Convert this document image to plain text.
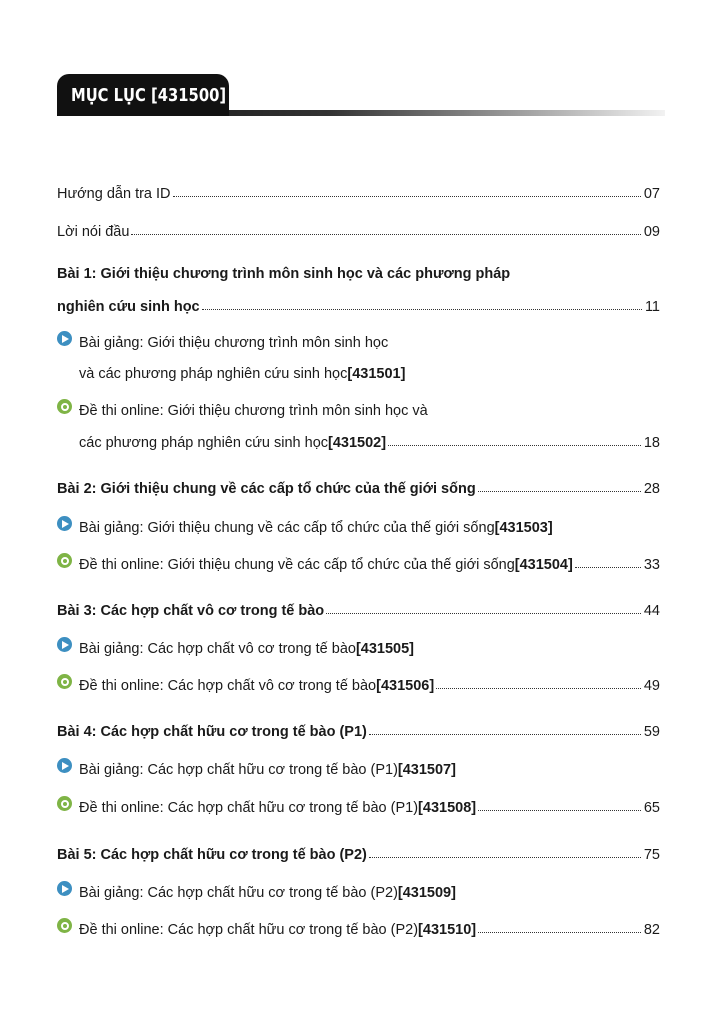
MỤC LỤC [431500]
Hướng dẫn tra ID	07
Lời nói đầu	09
Bài 1: Giới thiệu chương trình môn sinh học và các phương pháp
nghiên cứu sinh học	11
Bài giảng: Giới thiệu chương trình môn sinh học
và các phương pháp nghiên cứu sinh học [431501]
Đề thi online: Giới thiệu chương trình môn sinh học và
các phương pháp nghiên cứu sinh học [431502]	18
Bài 2: Giới thiệu chung về các cấp tổ chức của thế giới sống	28
Bài giảng: Giới thiệu chung về các cấp tổ chức của thế giới sống [431503]
Đề thi online: Giới thiệu chung về các cấp tổ chức của thế giới sống [431504]	33
Bài 3: Các hợp chất vô cơ trong tế bào	44
Bài giảng: Các hợp chất vô cơ trong tế bào [431505]
Đề thi online: Các hợp chất vô cơ trong tế bào [431506]	49
Bài 4: Các hợp chất hữu cơ trong tế bào (P1)	59
Bài giảng: Các hợp chất hữu cơ trong tế bào (P1) [431507]
Đề thi online: Các hợp chất hữu cơ trong tế bào (P1) [431508]	65
Bài 5: Các hợp chất hữu cơ trong tế bào (P2)	75
Bài giảng: Các hợp chất hữu cơ trong tế bào (P2) [431509]
Đề thi online: Các hợp chất hữu cơ trong tế bào (P2) [431510]	82
